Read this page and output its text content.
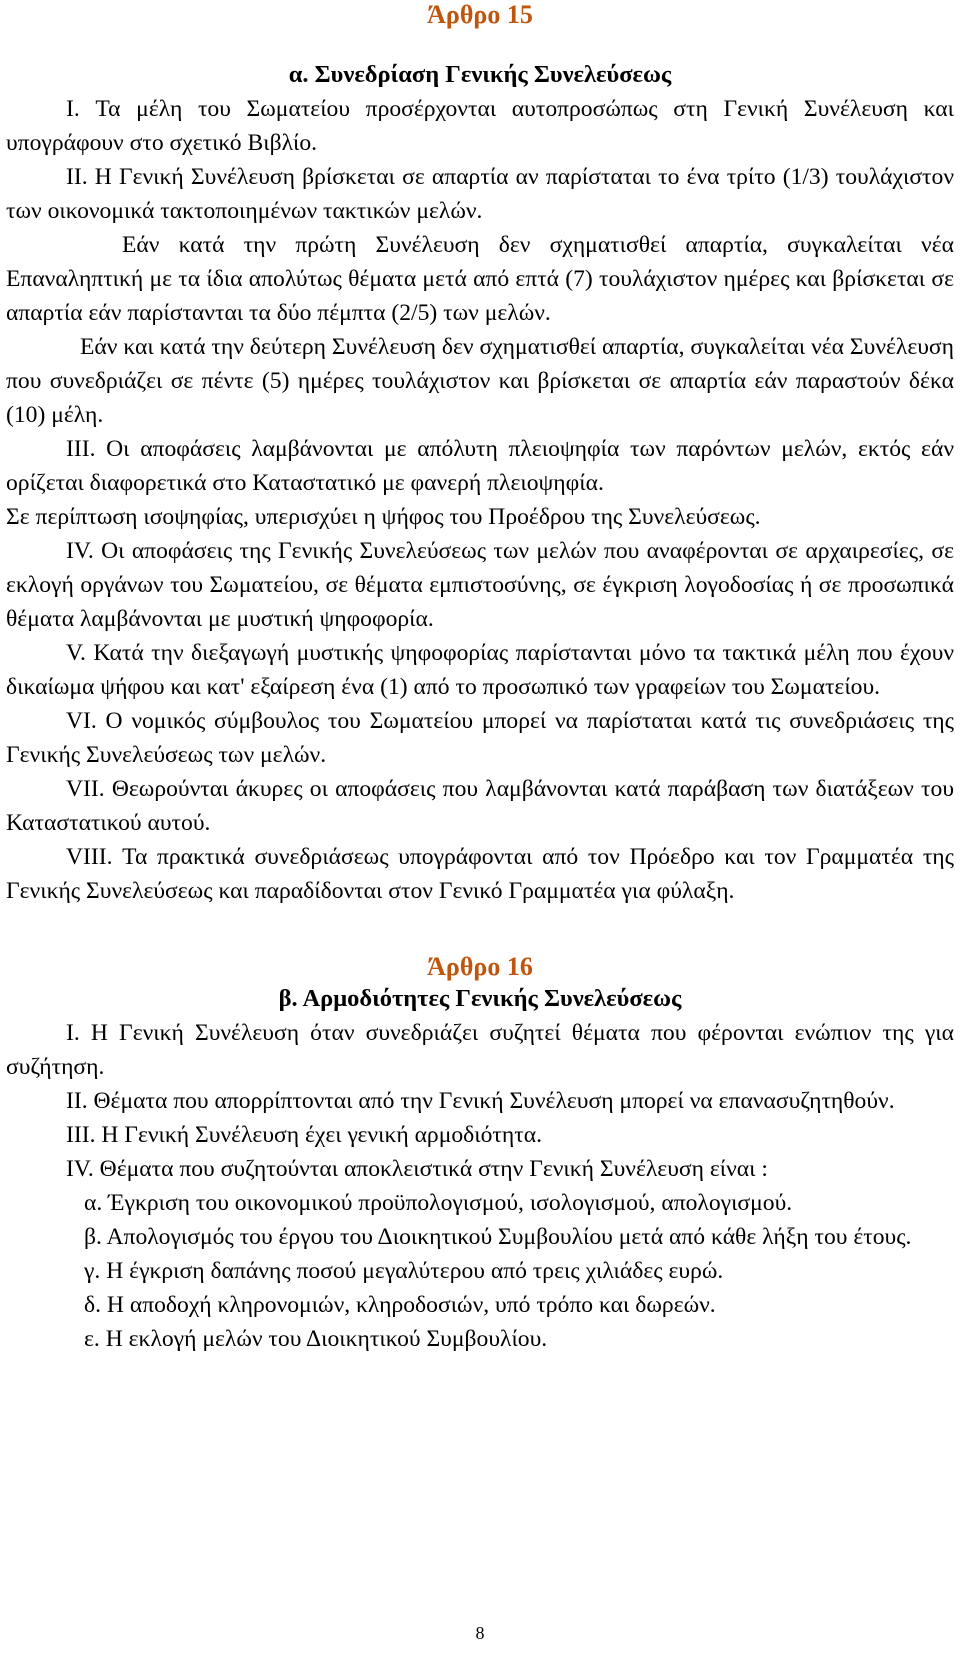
Άρθρο 15
α. Συνεδρίαση Γενικής Συνελεύσεως

I. Τα μέλη του Σωματείου προσέρχονται αυτοπροσώπως στη Γενική Συνέλευση και υπογράφουν στο σχετικό Βιβλίο.

II. Η Γενική Συνέλευση βρίσκεται σε απαρτία αν παρίσταται το ένα τρίτο (1/3) τουλάχιστον των οικονομικά τακτοποιημένων τακτικών μελών.

Εάν κατά την πρώτη Συνέλευση δεν σχηματισθεί απαρτία, συγκαλείται νέα Επαναληπτική με τα ίδια απολύτως θέματα μετά από επτά (7) τουλάχιστον ημέρες και βρίσκεται σε απαρτία εάν παρίστανται τα δύο πέμπτα (2/5) των μελών.

Εάν και κατά την δεύτερη Συνέλευση δεν σχηματισθεί απαρτία, συγκαλείται νέα Συνέλευση που συνεδριάζει σε πέντε (5) ημέρες τουλάχιστον και βρίσκεται σε απαρτία εάν παραστούν δέκα (10) μέλη.

III. Οι αποφάσεις λαμβάνονται με απόλυτη πλειοψηφία των παρόντων μελών, εκτός εάν ορίζεται διαφορετικά στο Καταστατικό με φανερή πλειοψηφία.

Σε περίπτωση ισοψηφίας, υπερισχύει η ψήφος του Προέδρου της Συνελεύσεως.

IV. Οι αποφάσεις της Γενικής Συνελεύσεως των μελών που αναφέρονται σε αρχαιρεσίες, σε εκλογή οργάνων του Σωματείου, σε θέματα εμπιστοσύνης, σε έγκριση λογοδοσίας ή σε προσωπικά θέματα λαμβάνονται με μυστική ψηφοφορία.

V. Κατά την διεξαγωγή μυστικής ψηφοφορίας παρίστανται μόνο τα τακτικά μέλη που έχουν δικαίωμα ψήφου και κατ' εξαίρεση ένα (1) από το προσωπικό των γραφείων του Σωματείου.

VI. Ο νομικός σύμβουλος του Σωματείου μπορεί να παρίσταται κατά τις συνεδριάσεις της Γενικής Συνελεύσεως των μελών.

VII. Θεωρούνται άκυρες οι αποφάσεις που λαμβάνονται κατά παράβαση των διατάξεων του Καταστατικού αυτού.

VIII. Τα πρακτικά συνεδριάσεως υπογράφονται από τον Πρόεδρο και τον Γραμματέα της Γενικής Συνελεύσεως και παραδίδονται στον Γενικό Γραμματέα για φύλαξη.

Άρθρο 16
β. Αρμοδιότητες Γενικής Συνελεύσεως

I. Η Γενική Συνέλευση όταν συνεδριάζει συζητεί θέματα που φέρονται ενώπιον της για συζήτηση.

II. Θέματα που απορρίπτονται από την Γενική Συνέλευση μπορεί να επανασυζητηθούν.

III. Η Γενική Συνέλευση έχει γενική αρμοδιότητα.

IV. Θέματα που συζητούνται αποκλειστικά στην Γενική Συνέλευση είναι :

α. Έγκριση του οικονομικού προϋπολογισμού, ισολογισμού, απολογισμού.

β. Απολογισμός του έργου του Διοικητικού Συμβουλίου μετά από κάθε λήξη του έτους.

γ. Η έγκριση δαπάνης ποσού μεγαλύτερου από τρεις χιλιάδες ευρώ.

δ. Η αποδοχή κληρονομιών, κληροδοσιών, υπό τρόπο και δωρεών.

ε. Η εκλογή μελών του Διοικητικού Συμβουλίου.

8
